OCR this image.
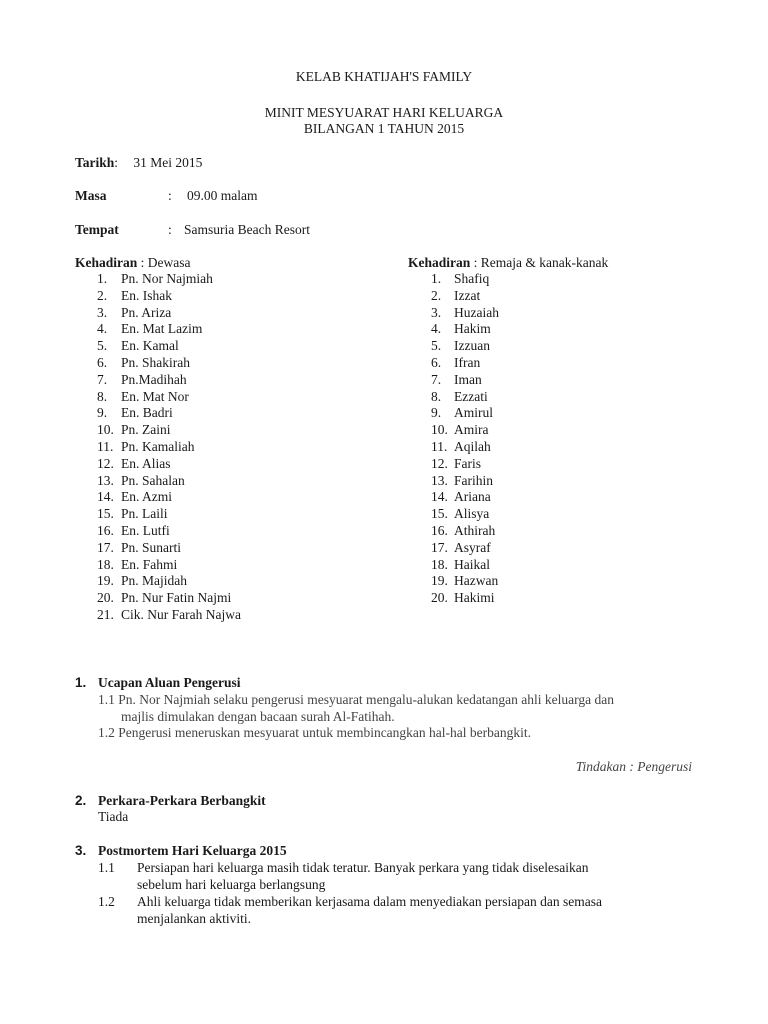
KELAB KHATIJAH'S FAMILY
MINIT MESYUARAT HARI KELUARGA
BILANGAN 1 TAHUN 2015
Tarikh: 31 Mei 2015
Masa	: 09.00 malam
Tempat	: Samsuria Beach Resort
Kehadiran : Dewasa	Kehadiran : Remaja & kanak-kanak
1. Pn. Nor Najmiah
2. En. Ishak
3. Pn. Ariza
4. En. Mat Lazim
5. En. Kamal
6. Pn. Shakirah
7. Pn.Madihah
8. En. Mat Nor
9. En. Badri
10. Pn. Zaini
11. Pn. Kamaliah
12. En. Alias
13. Pn. Sahalan
14. En. Azmi
15. Pn. Laili
16. En. Lutfi
17. Pn. Sunarti
18. En. Fahmi
19. Pn. Majidah
20. Pn. Nur Fatin Najmi
21. Cik. Nur Farah Najwa
1. Shafiq
2. Izzat
3. Huzaiah
4. Hakim
5. Izzuan
6. Ifran
7. Iman
8. Ezzati
9. Amirul
10. Amira
11. Aqilah
12. Faris
13. Farihin
14. Ariana
15. Alisya
16. Athirah
17. Asyraf
18. Haikal
19. Hazwan
20. Hakimi
1. Ucapan Aluan Pengerusi
1.1 Pn. Nor Najmiah selaku pengerusi mesyuarat mengalu-alukan kedatangan ahli keluarga dan
majlis dimulakan dengan bacaan surah Al-Fatihah.
1.2 Pengerusi meneruskan mesyuarat untuk membincangkan hal-hal berbangkit.
Tindakan : Pengerusi
2. Perkara-Perkara Berbangkit
Tiada
3. Postmortem Hari Keluarga 2015
1.1 Persiapan hari keluarga masih tidak teratur. Banyak perkara yang tidak diselesaikan
sebelum hari keluarga berlangsung
1.2 Ahli keluarga tidak memberikan kerjasama dalam menyediakan persiapan dan semasa
menjalankan aktiviti.
